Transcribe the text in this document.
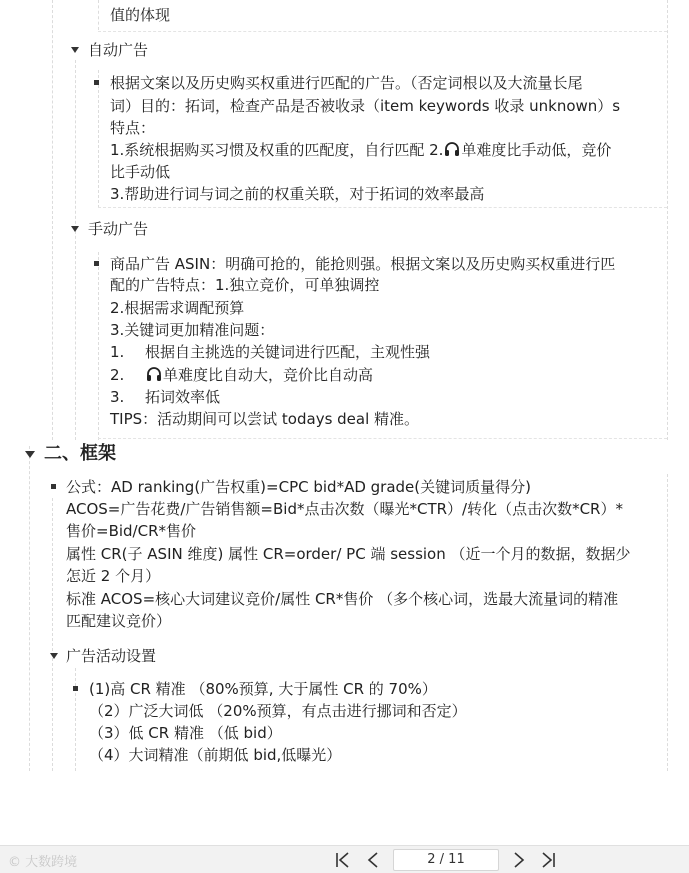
值的体现
自动广告
根据文案以及历史购买权重进行匹配的广告。（否定词根以及大流量长尾
词）目的：拓词，检查产品是否被收录（item keywords 收录 unknown）s
特点：
1.系统根据购买习惯及权重的匹配度，自行匹配 2. 单难度比手动低，竞价
比手动低
3.帮助进行词与词之前的权重关联，对于拓词的效率最高
手动广告
商品广告 ASIN：明确可抢的，能抢则强。根据文案以及历史购买权重进行匹
配的广告特点：1.独立竞价，可单独调控
2.根据需求调配预算
3.关键词更加精准问题：
1. 根据自主挑选的关键词进行匹配，主观性强
2.	单难度比自动大，竞价比自动高
3. 拓词效率低
TIPS：活动期间可以尝试 todays deal 精准。
二、框架
公式：AD ranking(广告权重)=CPC bid*AD grade(关键词质量得分)
ACOS=广告花费/广告销售额=Bid*点击次数（曝光*CTR）/转化（点击次数*CR）*
售价=Bid/CR*售价
属性 CR(子 ASIN 维度) 属性 CR=order/ PC 端 session （近一个月的数据，数据少
怎近 2 个月）
标准 ACOS=核心大词建议竞价/属性 CR*售价 （多个核心词，选最大流量词的精准
匹配建议竞价）
广告活动设置
(1)高 CR 精准 （80%预算, 大于属性 CR 的 70%）
（2）广泛大词低 （20%预算，有点击进行挪词和否定）
（3）低 CR 精准 （低 bid）
（4）大词精准（前期低 bid,低曝光）
© 大数跨境	2 / 11
